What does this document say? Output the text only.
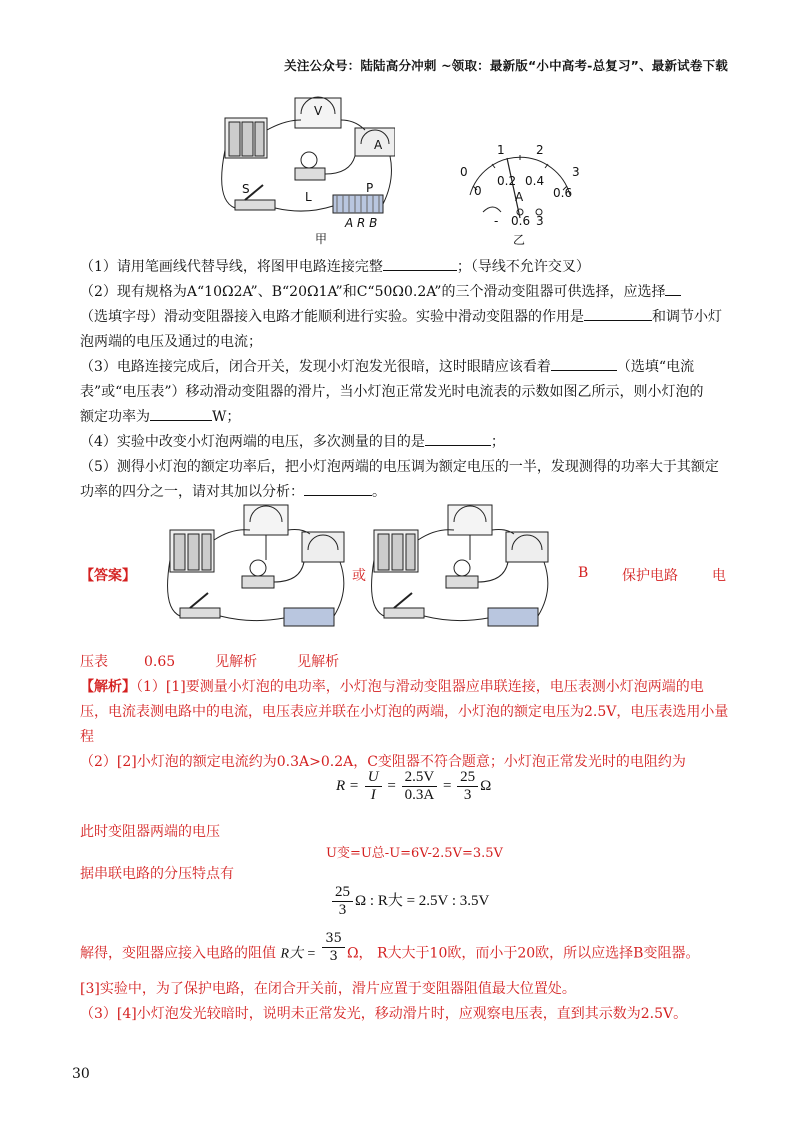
关注公众号：陆陆高分冲刺 ~领取：最新版“小中高考-总复习”、最新试卷下载
S
L
P
V
A
A R B
甲
0
1	2
3
0
0.2 0.4
0.6
A
- 0.6 3
乙
（1）请用笔画线代替导线，将图甲电路连接完整	；（导线不允许交叉）
（2）现有规格为A“10Ω2A”、B“20Ω1A”和C“50Ω0.2A”的三个滑动变阻器可供选择，应选择
（选填字母）滑动变阻器接入电路才能顺利进行实验。实验中滑动变阻器的作用是	和调节小灯
泡两端的电压及通过的电流；
（3）电路连接完成后，闭合开关，发现小灯泡发光很暗，这时眼睛应该看着	（选填“电流
表”或“电压表”）移动滑动变阻器的滑片，当小灯泡正常发光时电流表的示数如图乙所示，则小灯泡的
额定功率为	W；
（4）实验中改变小灯泡两端的电压，多次测量的目的是	；
（5）测得小灯泡的额定功率后，把小灯泡两端的电压调为额定电压的一半，发现测得的功率大于其额定
功率的四分之一，请对其加以分析：	。
【答案】	或	B 保护电路 电
压表	0.65	见解析	见解析
【解析】（1）[1]要测量小灯泡的电功率，小灯泡与滑动变阻器应串联连接，电压表测小灯泡两端的电
压，电流表测电路中的电流，电压表应并联在小灯泡的两端，小灯泡的额定电压为2.5V，电压表选用小量
程
（2）[2]小灯泡的额定电流约为0.3A>0.2A，C变阻器不符合题意；小灯泡正常发光时的电阻约为
$R = \frac{U}{I} = \frac{2.5V}{0.3A} = \frac{25}{3}$ Ω
此时变阻器两端的电压
U变=U总-U=6V-2.5V=3.5V
据串联电路的分压特点有
$\frac{25}{3}$ Ω : R大 = 2.5V : 3.5V
解得，变阻器应接入电路的阻值 R大 = $\frac{35}{3}$ Ω， R大大于10欧，而小于20欧，所以应选择B变阻器。
[3]实验中，为了保护电路，在闭合开关前，滑片应置于变阻器阻值最大位置处。
（3）[4]小灯泡发光较暗时，说明未正常发光，移动滑片时，应观察电压表，直到其示数为2.5V。
30
